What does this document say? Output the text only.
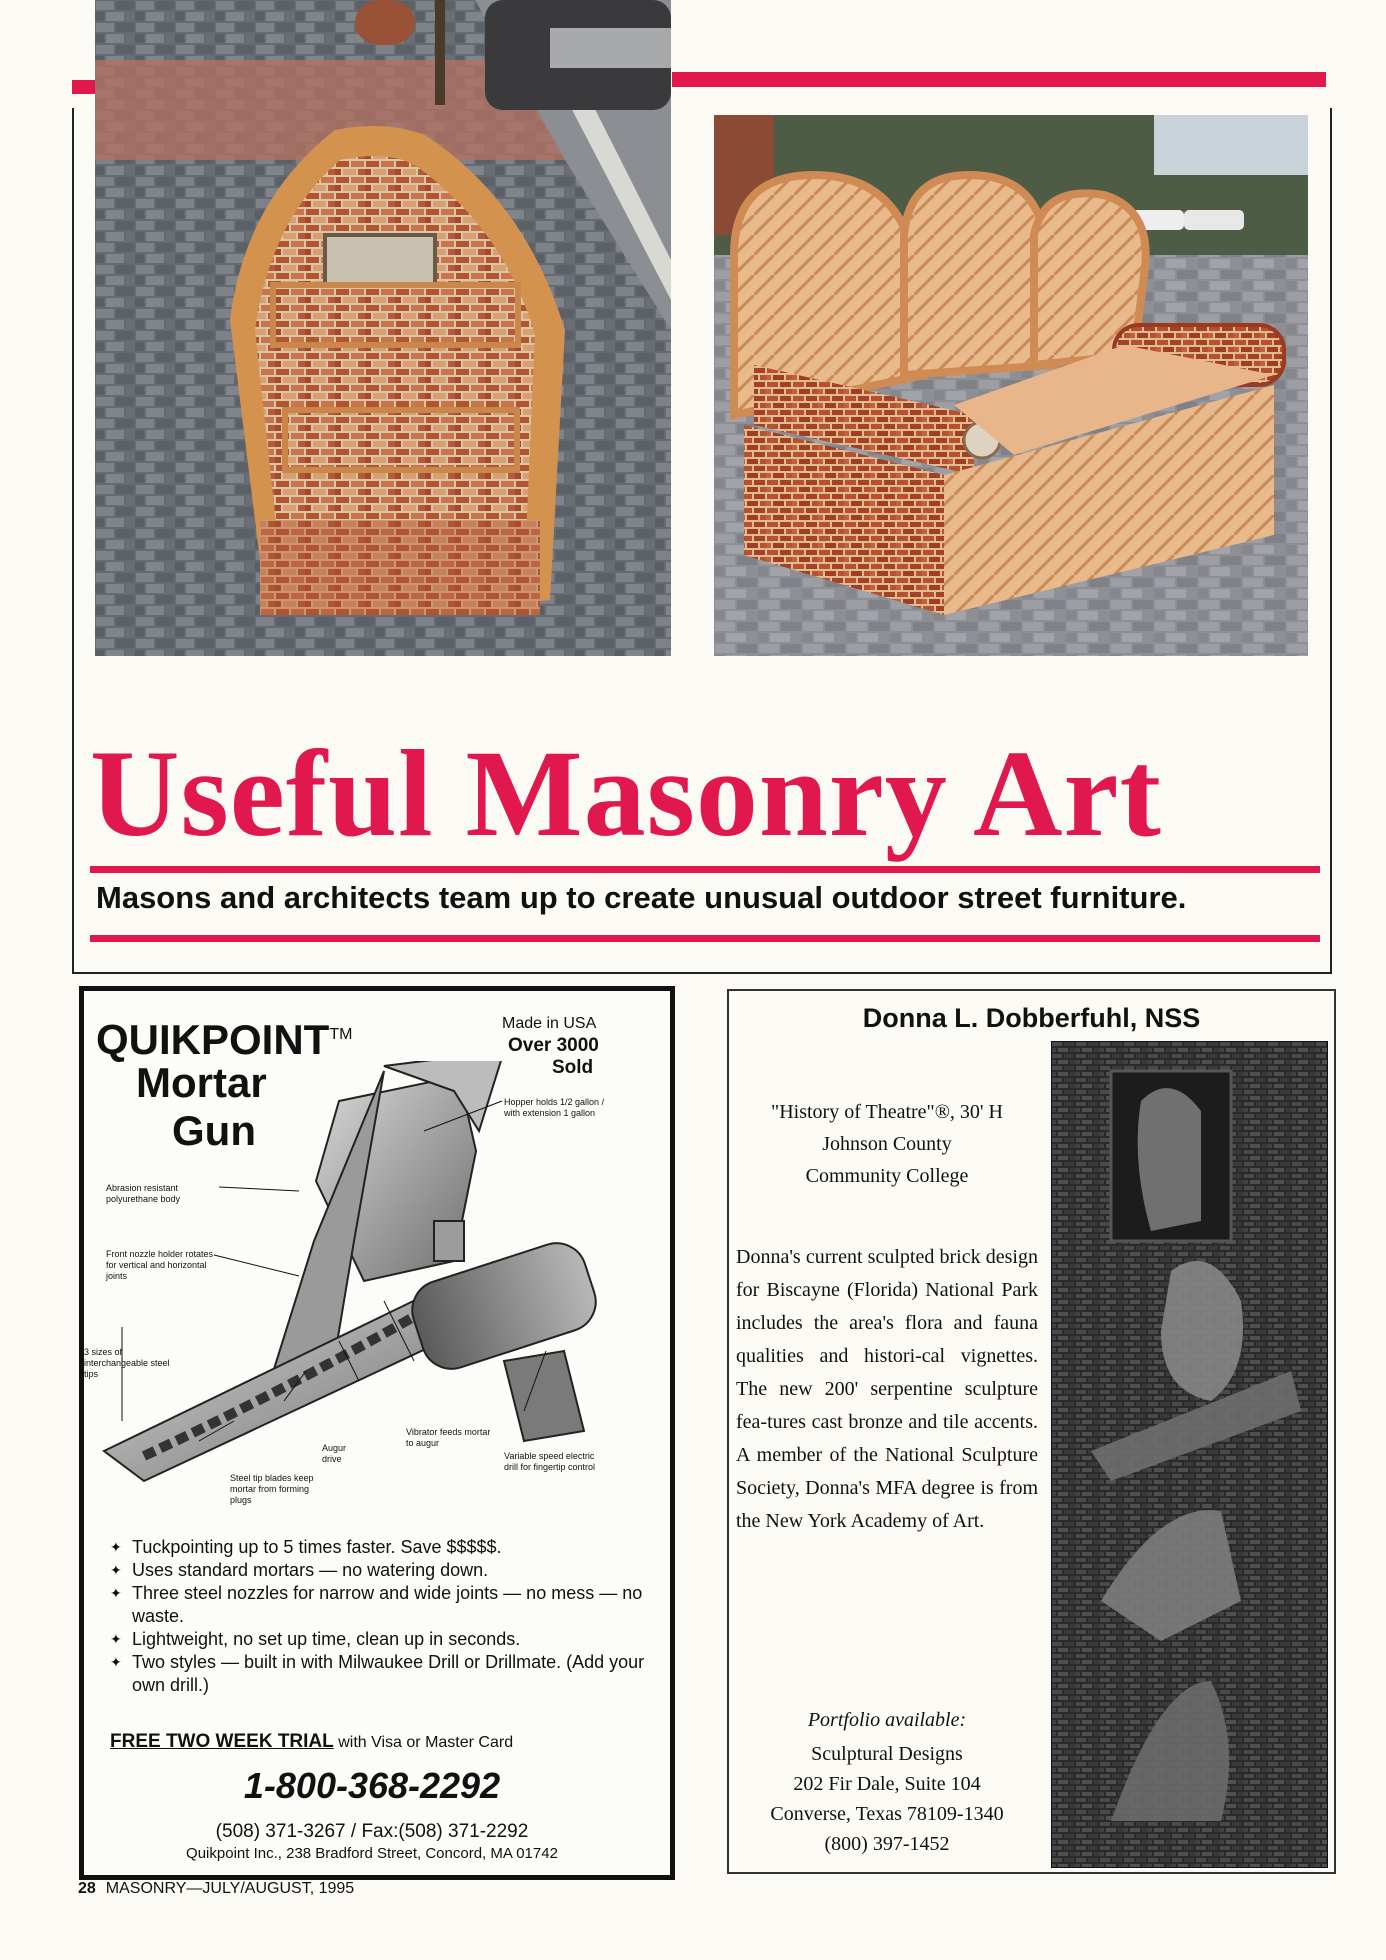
Useful Masonry Art
Masons and architects team up to create unusual outdoor street furniture.
QUIKPOINT™
Mortar
Gun
Made in USA
Over 3000
Sold
Hopper holds 1/2 gallon / with extension 1 gallon
Abrasion resistant polyurethane body
Front nozzle holder rotates for vertical and horizontal joints
3 sizes of interchangeable steel tips
Augur drive
Vibrator feeds mortar to augur
Variable speed electric drill for fingertip control
Steel tip blades keep mortar from forming plugs
✦ Tuckpointing up to 5 times faster. Save $$$$$.
✦ Uses standard mortars — no watering down.
✦ Three steel nozzles for narrow and wide joints — no mess — no waste.
✦ Lightweight, no set up time, clean up in seconds.
✦ Two styles — built in with Milwaukee Drill or Drillmate. (Add your own drill.)
FREE TWO WEEK TRIAL with Visa or Master Card
1-800-368-2292
(508) 371-3267 / Fax:(508) 371-2292
Quikpoint Inc., 238 Bradford Street, Concord, MA 01742
Donna L. Dobberfuhl, NSS
"History of Theatre"®, 30' H
Johnson County
Community College
Donna's current sculpted brick design for Biscayne (Florida) National Park includes the area's flora and fauna qualities and histori-cal vignettes. The new 200' serpentine sculpture fea-tures cast bronze and tile accents. A member of the National Sculpture Society, Donna's MFA degree is from the New York Academy of Art.
Portfolio available:
Sculptural Designs
202 Fir Dale, Suite 104
Converse, Texas 78109-1340
(800) 397-1452
28 MASONRY—JULY/AUGUST, 1995
